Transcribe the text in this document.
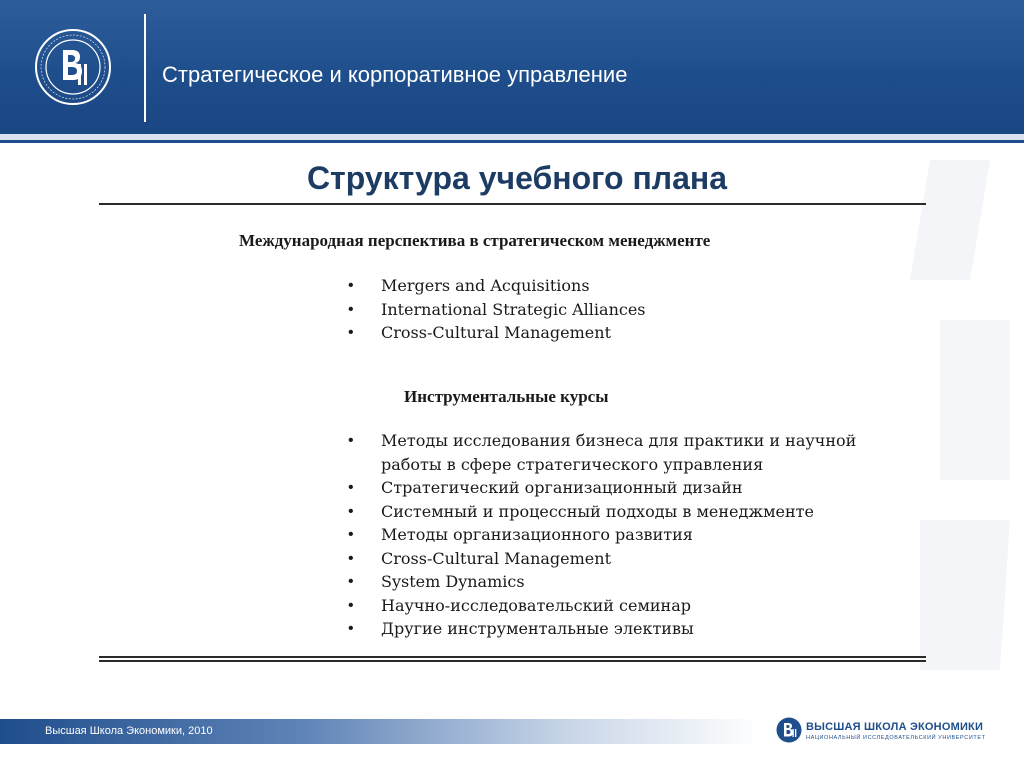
Стратегическое и корпоративное управление
Структура учебного плана
Международная перспектива в стратегическом менеджменте
• Mergers and Acquisitions
• International Strategic Alliances
• Cross-Cultural Management
Инструментальные курсы
• Методы исследования бизнеса для практики и научной
работы в сфере стратегического управления
• Стратегический организационный дизайн
• Системный и процессный подходы в менеджменте
• Методы организационного развития
• Cross-Cultural Management
• System Dynamics
• Научно-исследовательский семинар
• Другие инструментальные элективы
Высшая Школа Экономики, 2010	ВЫСШАЯ ШКОЛА ЭКОНОМИКИ
НАЦИОНАЛЬНЫЙ ИССЛЕДОВАТЕЛЬСКИЙ УНИВЕРСИТЕТ
